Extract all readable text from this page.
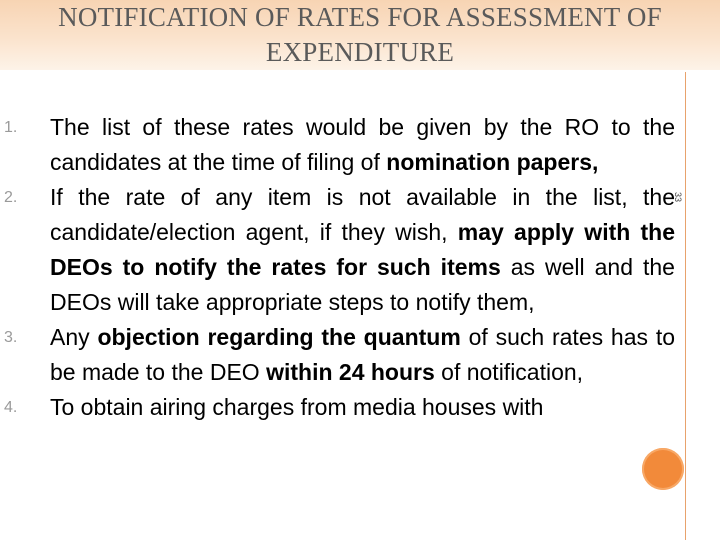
NOTIFICATION OF RATES FOR ASSESSMENT OF EXPENDITURE
33
1.	The list of these rates would be given by the RO to the candidates at the time of filing of nomination papers,
2.	If the rate of any item is not available in the list, the candidate/election agent, if they wish, may apply with the DEOs to notify the rates for such items as well and the DEOs will take appropriate steps to notify them,
3.	Any objection regarding the quantum of such rates has to be made to the DEO within 24 hours of notification,
4.	To obtain airing charges from media houses with
